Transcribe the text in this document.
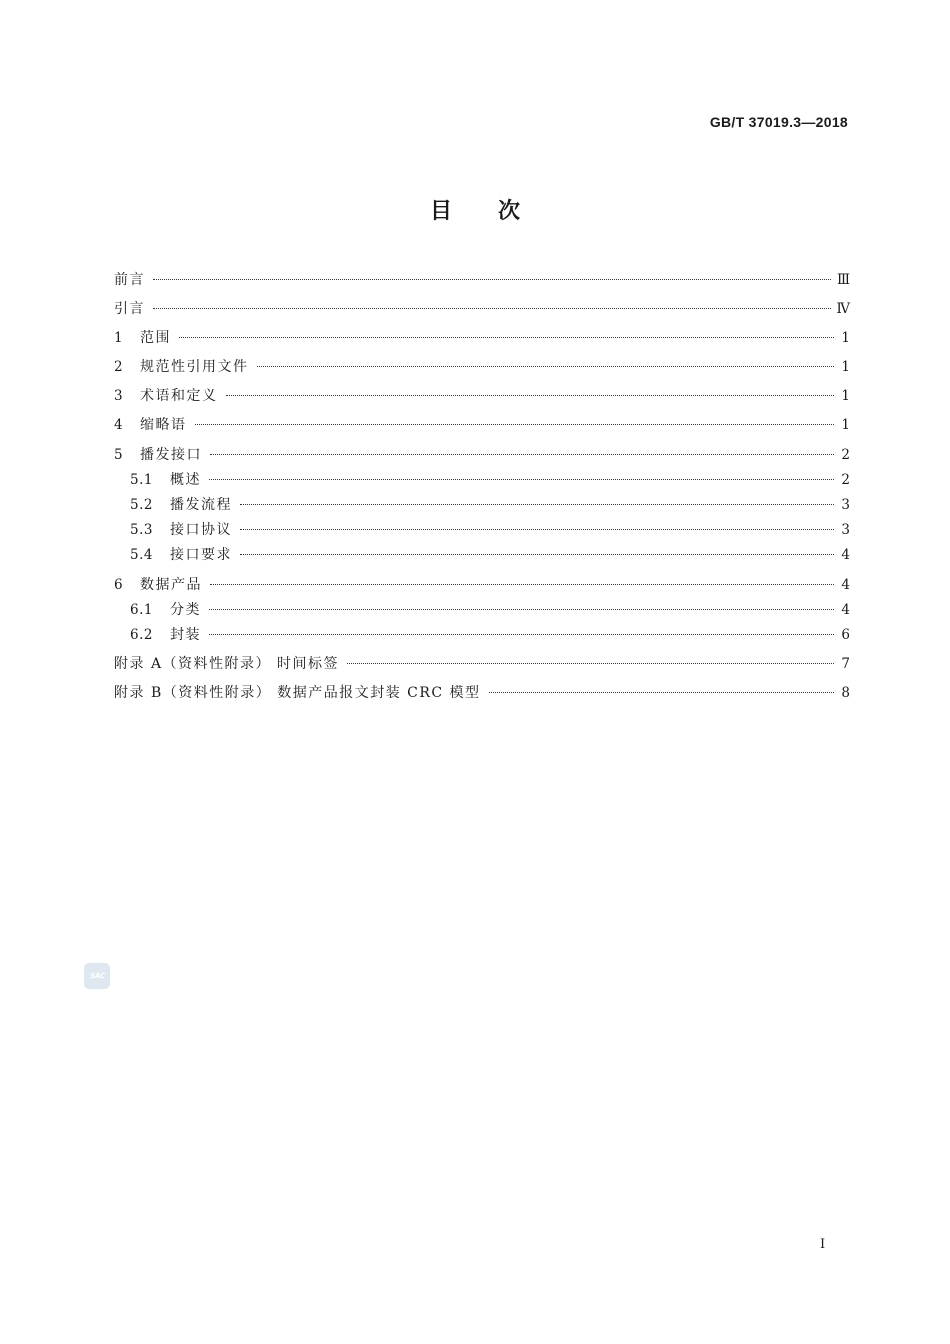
GB/T 37019.3—2018
目次
前言	Ⅲ
引言	Ⅳ
1	范围	1
2	规范性引用文件	1
3	术语和定义	1
4	缩略语	1
5	播发接口	2
5.1	概述	2
5.2	播发流程	3
5.3	接口协议	3
5.4	接口要求	4
6	数据产品	4
6.1	分类	4
6.2	封装	6
附录 A（资料性附录） 时间标签	7
附录 B（资料性附录） 数据产品报文封装 CRC 模型	8
SAC
Ⅰ
